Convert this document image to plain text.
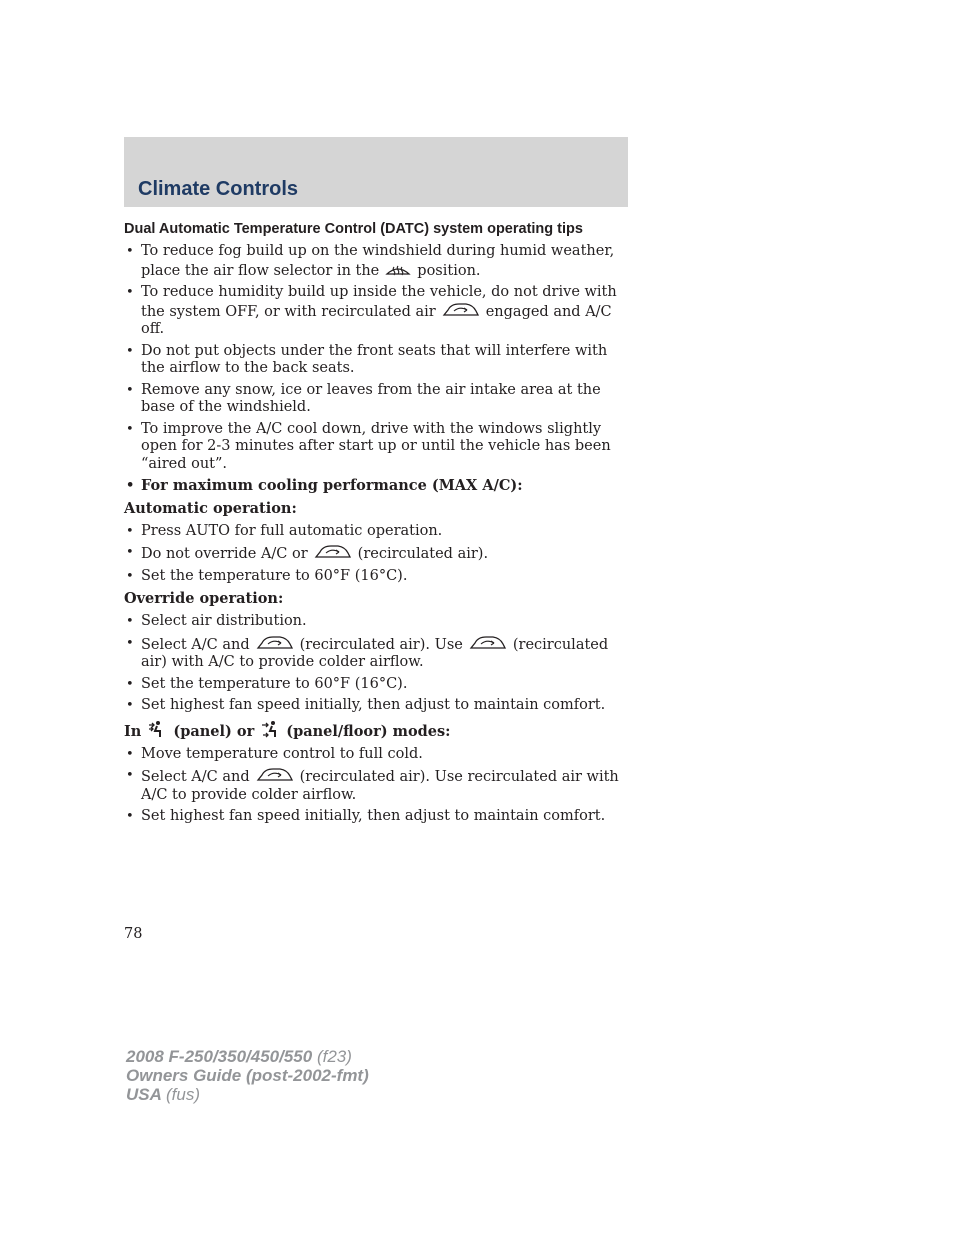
Climate Controls

Dual Automatic Temperature Control (DATC) system operating tips

• To reduce fog build up on the windshield during humid weather, place the air flow selector in the	position.
• To reduce humidity build up inside the vehicle, do not drive with the system OFF, or with recirculated air	engaged and A/C off.
• Do not put objects under the front seats that will interfere with the airflow to the back seats.
• Remove any snow, ice or leaves from the air intake area at the base of the windshield.
• To improve the A/C cool down, drive with the windows slightly open for 2-3 minutes after start up or until the vehicle has been “aired out”.
• For maximum cooling performance (MAX A/C):

Automatic operation:

• Press AUTO for full automatic operation.
• Do not override A/C or	(recirculated air).
• Set the temperature to 60°F (16°C).

Override operation:

• Select air distribution.
• Select A/C and	(recirculated air). Use	(recirculated air) with A/C to provide colder airflow.
• Set the temperature to 60°F (16°C).
• Set highest fan speed initially, then adjust to maintain comfort.

In (panel) or (panel/floor) modes:

• Move temperature control to full cold.
• Select A/C and	(recirculated air). Use recirculated air with A/C to provide colder airflow.
• Set highest fan speed initially, then adjust to maintain comfort.
78
2008 F-250/350/450/550 (f23)
Owners Guide (post-2002-fmt)
USA (fus)
